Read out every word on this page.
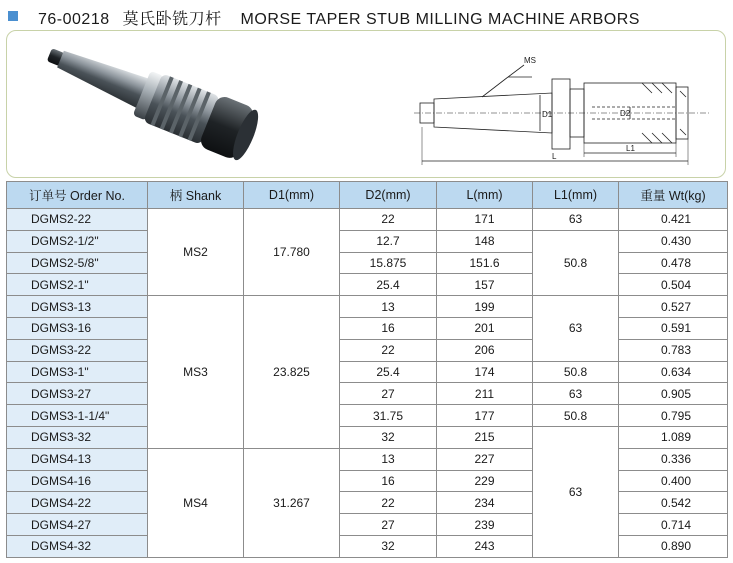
76-00218 莫氏卧铣刀杆 MORSE TAPER STUB MILLING MACHINE ARBORS
MS
D1	D2
L
L1
订单号 Order No.	柄 Shank	D1(mm)	D2(mm)	L(mm)	L1(mm)	重量 Wt(kg)
DGMS2-22	MS2	17.780	22	171	63	0.421
DGMS2-1/2"			12.7	148	50.8	0.430
DGMS2-5/8"			15.875	151.6		0.478
DGMS2-1"			25.4	157		0.504
DGMS3-13	MS3	23.825	13	199	63	0.527
DGMS3-16			16	201		0.591
DGMS3-22			22	206		0.783
DGMS3-1"			25.4	174	50.8	0.634
DGMS3-27			27	211	63	0.905
DGMS3-1-1/4"			31.75	177	50.8	0.795
DGMS3-32			32	215	63	1.089
DGMS4-13	MS4	31.267	13	227		0.336
DGMS4-16			16	229		0.400
DGMS4-22			22	234		0.542
DGMS4-27			27	239		0.714
DGMS4-32			32	243		0.890
